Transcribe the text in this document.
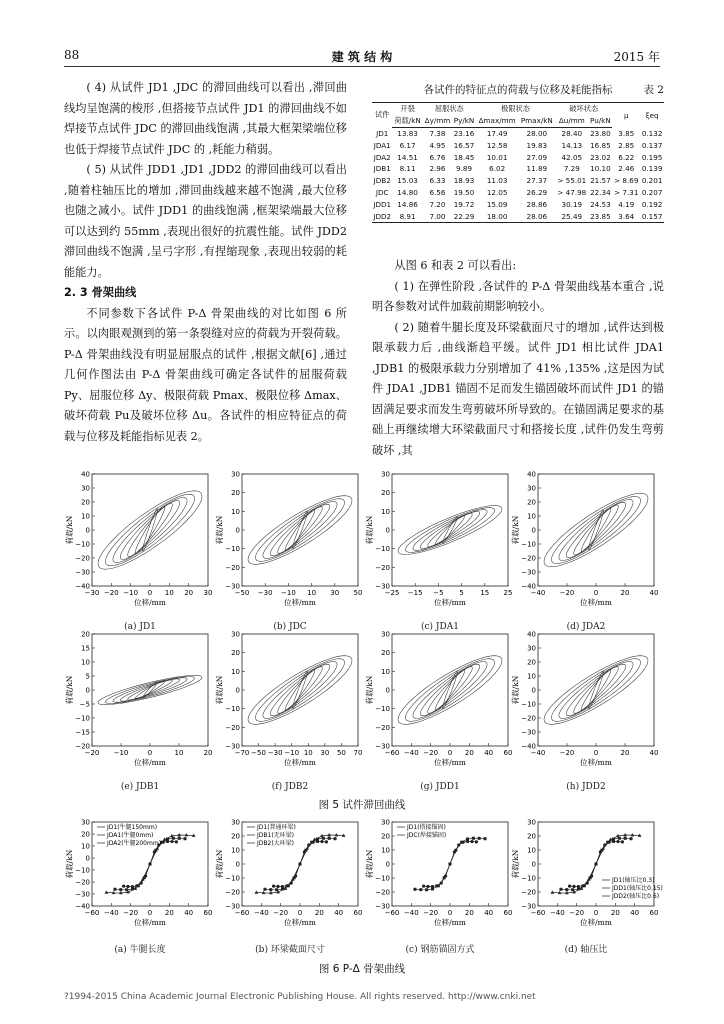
88	建 筑 结 构	2015 年

( 4) 从试件 JD1 ,JDC 的滞回曲线可以看出 ,滞回曲线均呈饱满的梭形 ,但搭接节点试件 JD1 的滞回曲线不如焊接节点试件 JDC 的滞回曲线饱满 ,其最大框架梁端位移也低于焊接节点试件 JDC 的 ,耗能力稍弱。

( 5) 从试件 JDD1 ,JD1 ,JDD2 的滞回曲线可以看出 ,随着柱轴压比的增加 ,滞回曲线越来越不饱满 ,最大位移也随之减小。试件 JDD1 的曲线饱满 ,框架梁端最大位移可以达到约 55mm ,表现出很好的抗震性能。试件 JDD2 滞回曲线不饱满 ,呈弓字形 ,有捏缩现象 ,表现出较弱的耗能能力。

2. 3 骨架曲线

不同参数下各试件 P-Δ 骨架曲线的对比如图 6 所示。以肉眼观测到的第一条裂缝对应的荷载为开裂荷载。P-Δ 骨架曲线没有明显屈服点的试件 ,根据文献[6] ,通过几何作图法由 P-Δ 骨架曲线可确定各试件的屈服荷载 Py、屈服位移 Δy、极限荷载 Pmax、极限位移 Δmax、破坏荷载 Pu及破坏位移 Δu。各试件的相应特征点的荷载与位移及耗能指标见表 2。

各试件的特征点的荷载与位移及耗能指标	表 2
试件	开裂	屈服状态		极限状态		破坏状态		μ	ξeq
	荷载/kN	Δy/mm	Py/kN	Δmax/mm	Pmax/kN	Δu/mm	Pu/kN		
JD1	13.83	7.38	23.16	17.49	28.00	28.40	23.80	3.85	0.132
JDA1	6.17	4.95	16.57	12.58	19.83	14.13	16.85	2.85	0.137
JDA2	14.51	6.76	18.45	10.01	27.09	42.05	23.02	6.22	0.195
JDB1	8.11	2.96	9.89	6.02	11.89	7.29	10.10	2.46	0.139
JDB2	15.03	6.33	18.93	11.03	27.37	> 55.01	21.57	> 8.69	0.201
JDC	14.80	6.56	19.50	12.05	26.29	> 47.98	22.34	> 7.31	0.207
JDD1	14.86	7.20	19.72	15.09	28.86	30.19	24.53	4.19	0.192
JDD2	8.91	7.00	22.29	18.00	28.06	25.49	23.85	3.64	0.157

从图 6 和表 2 可以看出:

( 1) 在弹性阶段 ,各试件的 P-Δ 骨架曲线基本重合 ,说明各参数对试件加载前期影响较小。

( 2) 随着牛腿长度及环梁截面尺寸的增加 ,试件达到极限承载力后 ,曲线渐趋平缓。试件 JD1 相比试件 JDA1 ,JDB1 的极限承载力分别增加了 41% ,135% ,这是因为试件 JDA1 ,JDB1 锚固不足而发生锚固破坏而试件 JD1 的锚固满足要求而发生弯剪破坏所导致的。在锚固满足要求的基础上再继续增大环梁截面尺寸和搭接长度 ,试件仍发生弯剪破坏 ,其

−30 −20 −10 0 10 20 30
40
30
20
10
0
−10
−20
−30
−40
荷载/kN
位移/mm
(a) JD1
−50 −30 −10 10 30 50
30
20
10
0
−10
−20
−30
荷载/kN
位移/mm
(b) JDC
−25 −15 −5 5 15 25
30
20
10
0
−10
−20
−30
荷载/kN
位移/mm
(c) JDA1
−40 −20	0	20	40
40
30
20
10
0
−10
−20
−30
−40
荷载/kN
位移/mm
(d) JDA2
−20 −10	0	10	20
20
15
10
5
0
−5
−10
−15
−20
荷载/kN
位移/mm
(e) JDB1
−70 −50 −30 −10 10 30 50 70
30
20
10
0
−10
−20
−30
荷载/kN
位移/mm
(f) JDB2
−60 −40 −20 0 20 40 60
30
20
10
0
−10
−20
−30
荷载/kN
位移/mm
(g) JDD1
−40 −20	0	20	40
40
30
20
10
0
−10
−20
−30
−40
荷载/kN
位移/mm
(h) JDD2
图 5 试件滞回曲线
−60 −40 −20 0 20 40 60
30
20
10
0
−10
−20
−30
−40
荷载/kN
位移/mm
JD1(牛腿150mm)
JDA1(牛腿0mm)
JDA2(牛腿200mm)
(a) 牛腿长度
−60 −40 −20 0 20 40 60
30
20
10
0
−10
−20
−30
荷载/kN
位移/mm
JD1(普通环梁)
JDB1(无环梁)
JDB2(大环梁)
(b) 环梁截面尺寸
−60 −40 −20 0 20 40 60
30
20
10
0
−10
−20
−30
荷载/kN
位移/mm
JD1(搭接锚固)
JDC(焊接锚固)
(c) 钢筋锚固方式
−60 −40 −20 0 20 40 60
30
20
10
0
−10
−20
−30
荷载/kN
位移/mm
JD1(轴压比0.3)
JDD1(轴压比0.15)
JDD2(轴压比0.6)
(d) 轴压比
图 6 P-Δ 骨架曲线
?1994-2015 China Academic Journal Electronic Publishing House. All rights reserved. http://www.cnki.net
